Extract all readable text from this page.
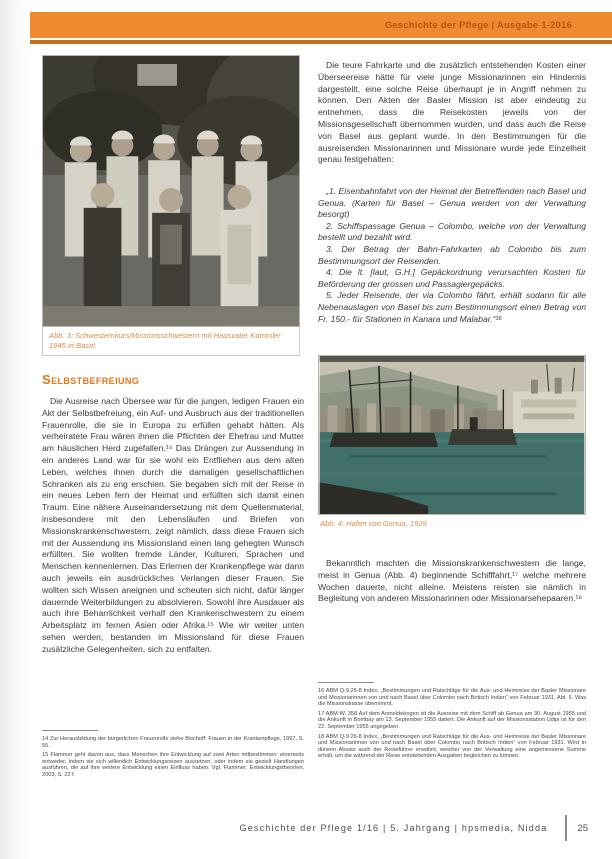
Geschichte der Pflege | Ausgabe 1-2016

Abb. 3: Schwesternkurs/Missionsschwestern mit Hausvater Kammler 1945 in Basel

Selbstbefreiung

Die Ausreise nach Übersee war für die jungen, ledigen Frauen ein Akt der Selbstbefreiung, ein Auf- und Ausbruch aus der traditionellen Frauenrolle, die sie in Europa zu erfüllen gehabt hätten. Als verheiratete Frau wären ihnen die Pflichten der Ehefrau und Mutter am häuslichen Herd zugefallen.¹⁴ Das Drängen zur Aussendung in ein anderes Land war für sie wohl ein Entfliehen aus dem alten Leben, welches ihnen durch die damaligen gesellschaftlichen Schranken als zu eng erschien. Sie begaben sich mit der Reise in ein neues Leben fern der Heimat und erfüllten sich damit einen Traum. Eine nähere Auseinandersetzung mit dem Quellenmaterial, insbesondere mit den Lebensläufen und Briefen von Missionskrankenschwestern, zeigt nämlich, dass diese Frauen sich mit der Aussendung ins Missionsland einen lang gehegten Wunsch erfüllten. Sie wollten fremde Länder, Kulturen, Sprachen und Menschen kennenlernen. Das Erlernen der Krankenpflege war dann auch jeweils ein ausdrückliches Verlangen dieser Frauen. Sie wollten sich Wissen aneignen und scheuten sich nicht, dafür länger dauernde Weiterbildungen zu absolvieren. Sowohl ihre Ausdauer als auch ihre Beharrlichkeit verhalf den Krankenschwestern zu einem Arbeitsplatz im fernen Asien oder Afrika.¹⁵ Wie wir weiter unten sehen werden, bestanden im Missionsland für diese Frauen zusätzliche Gelegenheiten, sich zu entfalten.

14 Zur Herausbildung der bürgerlichen Frauenrolle siehe Bischoff: Frauen in der Krankenpflege, 1997, S. 55.

15 Flammer geht davon aus, dass Menschen ihre Entwicklung auf zwei Arten mitbestimmen: einerseits entweder, indem sie sich willentlich Entwicklungsreizen aussetzen, oder indem sie gezielt Handlungen ausführen, die auf ihre weitere Entwicklung einen Einfluss haben. Vgl. Flammer: Entwicklungstheorien, 2003, S. 22 f.

Die teure Fahrkarte und die zusätzlich entstehenden Kosten einer Überseereise hätte für viele junge Missionarinnen ein Hindernis dargestellt, eine solche Reise überhaupt je in Angriff nehmen zu können. Den Akten der Basler Mission ist aber eindeutig zu entnehmen, dass die Reisekosten jeweils von der Missionsgesellschaft übernommen wurden, und dass auch die Reise von Basel aus geplant wurde. In den Bestimmungen für die ausreisenden Missionarinnen und Missionare wurde jede Einzelheit genau festgehalten:

„1. Eisenbahnfahrt von der Heimat der Betreffenden nach Basel und Genua. (Karten für Basel – Genua werden von der Verwaltung besorgt)

2. Schiffspassage Genua – Colombo, welche von der Verwaltung bestellt und bezahlt wird.

3. Der Betrag der Bahn-Fahrkarten ab Colombo bis zum Bestimmungsort der Reisenden.

4. Die lt. [laut, G.H.] Gepäckordnung verursachten Kosten für Beförderung der grossen und Passagiergepäcks.

5. Jeder Reisende, der via Colombo fährt, erhält sodann für alle Nebenauslagen von Basel bis zum Bestimmungsort einen Betrag von Fr. 150.- für Stationen in Kanara und Malabar.“¹⁶

Abb. 4: Hafen von Genua, 1929

Bekanntlich machten die Missionskrankenschwestern die lange, meist in Genua (Abb. 4) beginnende Schifffahrt,¹⁷ welche mehrere Wochen dauerte, nicht alleine. Meistens reisten sie nämlich in Begleitung von anderen Missionarinnen oder Missionarsehepaaren.¹⁸

16 ABM Q-9.26-8 Index, „Bestimmungen und Ratschläge für die Aus- und Heimreise der Basler Missionare und Missionarinnen von und nach Basel über Colombo nach Britisch Indien“ von Februar 1931, Abt. II. Was die Missionskasse übernimmt.

17 ABM W. 358 Auf dem Anmeldebogen ist die Ausreise mit dem Schiff ab Genua am 30. August 1955 und die Ankunft in Bombay am 13. September 1955 datiert. Die Ankunft auf der Missionsstation Udipi ist für den 22. September 1955 angegeben.

18 ABM Q-9.26-8 Index, „Bestimmungen und Ratschläge für die Aus- und Heimreise der Basler Missionare und Missionarinnen von und nach Basel über Colombo nach Britisch Indien“ von Februar 1931. Wird in diesem Absatz auch der Reiseführer erwähnt, welcher von der Verwaltung eine angemessene Summe erhält, um die während der Reise entstehenden Ausgaben begleichen zu können.

Geschichte der Pflege 1/16 | 5. Jahrgang | hpsmedia, Nidda	25
